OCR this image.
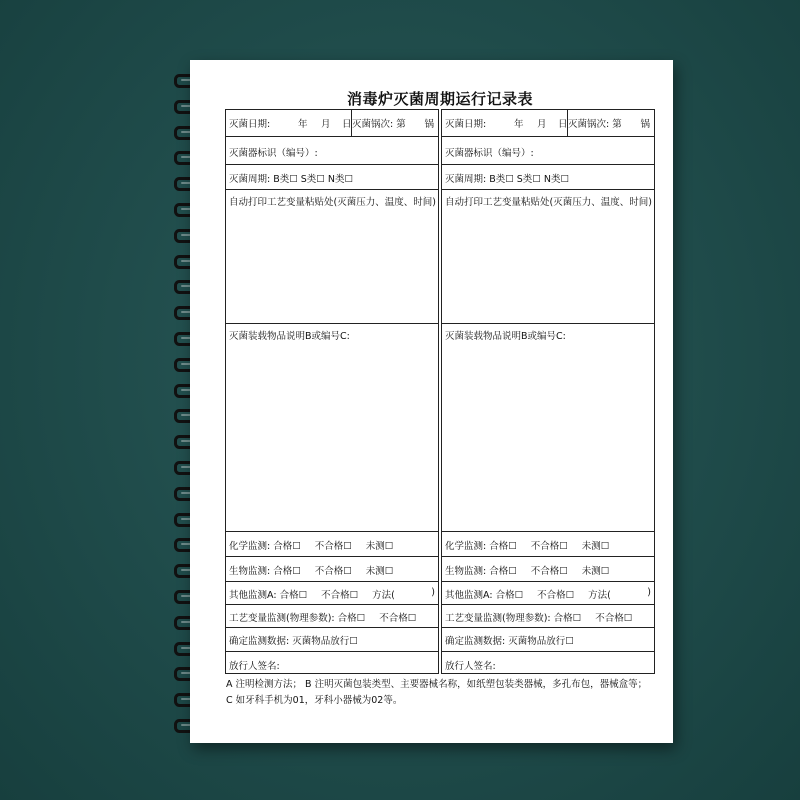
消毒炉灭菌周期运行记录表
灭菌日期:	年 月 日 灭菌锅次: 第 锅
灭菌器标识（编号）:
灭菌周期: B类☐ S类☐ N类☐
自动打印工艺变量粘贴处(灭菌压力、温度、时间)
灭菌装载物品说明B或编号C:
化学监测: 合格☐ 不合格☐ 未测☐
生物监测: 合格☐ 不合格☐ 未测☐
其他监测A: 合格☐ 不合格☐ 方法(	)
工艺变量监测(物理参数): 合格☐ 不合格☐
确定监测数据: 灭菌物品放行☐
放行人签名:
灭菌日期:	年 月 日 灭菌锅次: 第 锅
灭菌器标识（编号）:
灭菌周期: B类☐ S类☐ N类☐
自动打印工艺变量粘贴处(灭菌压力、温度、时间)
灭菌装载物品说明B或编号C:
化学监测: 合格☐ 不合格☐ 未测☐
生物监测: 合格☐ 不合格☐ 未测☐
其他监测A: 合格☐ 不合格☐ 方法(	)
工艺变量监测(物理参数): 合格☐ 不合格☐
确定监测数据: 灭菌物品放行☐
放行人签名:
A 注明检测方法； B 注明灭菌包装类型、主要器械名称，如纸塑包装类器械，多孔布包，器械盒等；
C 如牙科手机为01，牙科小器械为02等。
